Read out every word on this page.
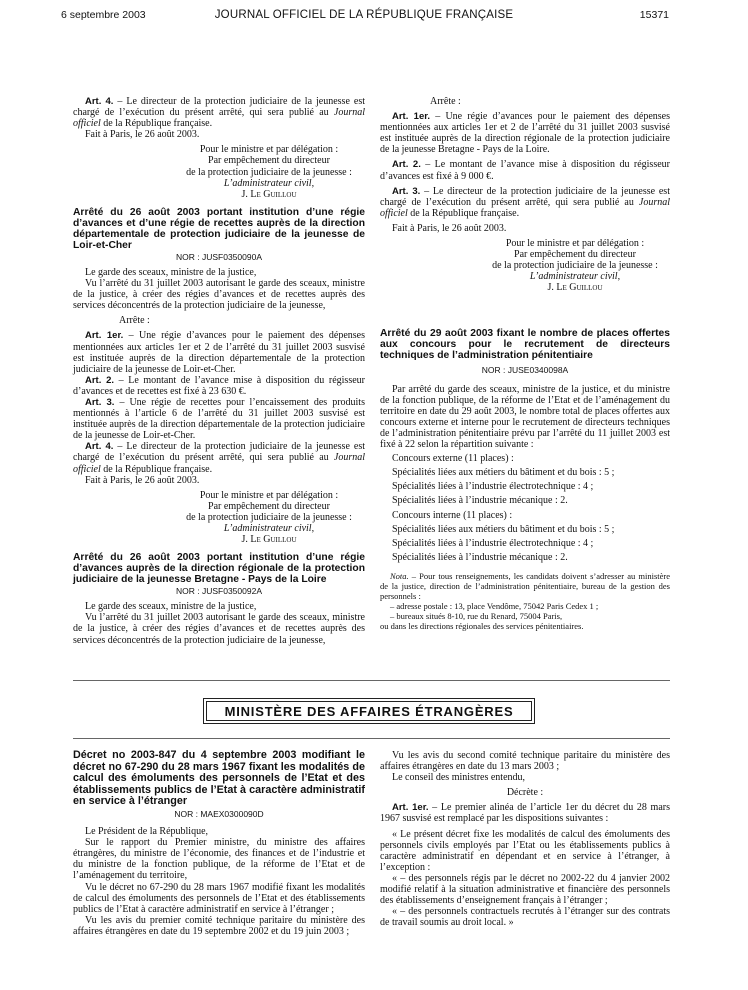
6 septembre 2003	JOURNAL OFFICIEL DE LA RÉPUBLIQUE FRANÇAISE	15371

Art. 4. – Le directeur de la protection judiciaire de la jeunesse est chargé de l’exécution du présent arrêté, qui sera publié au Journal officiel de la République française.

Fait à Paris, le 26 août 2003.

Pour le ministre et par délégation :

Par empêchement du directeur

de la protection judiciaire de la jeunesse :

L’administrateur civil,

J. Le Guillou

Arrêté du 26 août 2003 portant institution d’une régie d’avances et d’une régie de recettes auprès de la direction départementale de protection judiciaire de la jeunesse de Loir-et-Cher

NOR : JUSF0350090A

Le garde des sceaux, ministre de la justice,

Vu l’arrêté du 31 juillet 2003 autorisant le garde des sceaux, ministre de la justice, à créer des régies d’avances et de recettes auprès des services déconcentrés de la protection judiciaire de la jeunesse,

Arrête :

Art. 1er. – Une régie d’avances pour le paiement des dépenses mentionnées aux articles 1er et 2 de l’arrêté du 31 juillet 2003 susvisé est instituée auprès de la direction départementale de la protection judiciaire de la jeunesse de Loir-et-Cher.

Art. 2. – Le montant de l’avance mise à disposition du régisseur d’avances et de recettes est fixé à 23 630 €.

Art. 3. – Une régie de recettes pour l’encaissement des produits mentionnés à l’article 6 de l’arrêté du 31 juillet 2003 susvisé est instituée auprès de la direction départementale de la protection judiciaire de la jeunesse de Loir-et-Cher.

Art. 4. – Le directeur de la protection judiciaire de la jeunesse est chargé de l’exécution du présent arrêté, qui sera publié au Journal officiel de la République française.

Fait à Paris, le 26 août 2003.

Pour le ministre et par délégation :

Par empêchement du directeur

de la protection judiciaire de la jeunesse :

L’administrateur civil,

J. Le Guillou

Arrêté du 26 août 2003 portant institution d’une régie d’avances auprès de la direction régionale de la protection judiciaire de la jeunesse Bretagne - Pays de la Loire

NOR : JUSF0350092A

Le garde des sceaux, ministre de la justice,

Vu l’arrêté du 31 juillet 2003 autorisant le garde des sceaux, ministre de la justice, à créer des régies d’avances et de recettes auprès des services déconcentrés de la protection judiciaire de la jeunesse,

Arrête :

Art. 1er. – Une régie d’avances pour le paiement des dépenses mentionnées aux articles 1er et 2 de l’arrêté du 31 juillet 2003 susvisé est instituée auprès de la direction régionale de la protection judiciaire de la jeunesse Bretagne - Pays de la Loire.

Art. 2. – Le montant de l’avance mise à disposition du régisseur d’avances est fixé à 9 000 €.

Art. 3. – Le directeur de la protection judiciaire de la jeunesse est chargé de l’exécution du présent arrêté, qui sera publié au Journal officiel de la République française.

Fait à Paris, le 26 août 2003.

Pour le ministre et par délégation :

Par empêchement du directeur

de la protection judiciaire de la jeunesse :

L’administrateur civil,

J. Le Guillou

Arrêté du 29 août 2003 fixant le nombre de places offertes aux concours pour le recrutement de directeurs techniques de l’administration pénitentiaire

NOR : JUSE0340098A

Par arrêté du garde des sceaux, ministre de la justice, et du ministre de la fonction publique, de la réforme de l’Etat et de l’aménagement du territoire en date du 29 août 2003, le nombre total de places offertes aux concours externe et interne pour le recrutement de directeurs techniques de l’administration pénitentiaire prévu par l’arrêté du 11 juillet 2003 est fixé à 22 selon la répartition suivante :

Concours externe (11 places) :

Spécialités liées aux métiers du bâtiment et du bois : 5 ;

Spécialités liées à l’industrie électrotechnique : 4 ;

Spécialités liées à l’industrie mécanique : 2.

Concours interne (11 places) :

Spécialités liées aux métiers du bâtiment et du bois : 5 ;

Spécialités liées à l’industrie électrotechnique : 4 ;

Spécialités liées à l’industrie mécanique : 2.

Nota. – Pour tous renseignements, les candidats doivent s’adresser au ministère de la justice, direction de l’administration pénitentiaire, bureau de la gestion des personnels :

– adresse postale : 13, place Vendôme, 75042 Paris Cedex 1 ;

– bureaux situés 8-10, rue du Renard, 75004 Paris,

ou dans les directions régionales des services pénitentiaires.

MINISTÈRE DES AFFAIRES ÉTRANGÈRES

Décret no 2003-847 du 4 septembre 2003 modifiant le décret no 67-290 du 28 mars 1967 fixant les modalités de calcul des émoluments des personnels de l’Etat et des établissements publics de l’Etat à caractère administratif en service à l’étranger

NOR : MAEX0300090D

Le Président de la République,

Sur le rapport du Premier ministre, du ministre des affaires étrangères, du ministre de l’économie, des finances et de l’industrie et du ministre de la fonction publique, de la réforme de l’Etat et de l’aménagement du territoire,

Vu le décret no 67-290 du 28 mars 1967 modifié fixant les modalités de calcul des émoluments des personnels de l’Etat et des établissements publics de l’Etat à caractère administratif en service à l’étranger ;

Vu les avis du premier comité technique paritaire du ministère des affaires étrangères en date du 19 septembre 2002 et du 19 juin 2003 ;

Vu les avis du second comité technique paritaire du ministère des affaires étrangères en date du 13 mars 2003 ;

Le conseil des ministres entendu,

Décrète :

Art. 1er. – Le premier alinéa de l’article 1er du décret du 28 mars 1967 susvisé est remplacé par les dispositions suivantes :

« Le présent décret fixe les modalités de calcul des émoluments des personnels civils employés par l’Etat ou les établissements publics à caractère administratif en dépendant et en service à l’étranger, à l’exception :

« – des personnels régis par le décret no 2002-22 du 4 janvier 2002 modifié relatif à la situation administrative et financière des personnels des établissements d’enseignement français à l’étranger ;

« – des personnels contractuels recrutés à l’étranger sur des contrats de travail soumis au droit local. »
